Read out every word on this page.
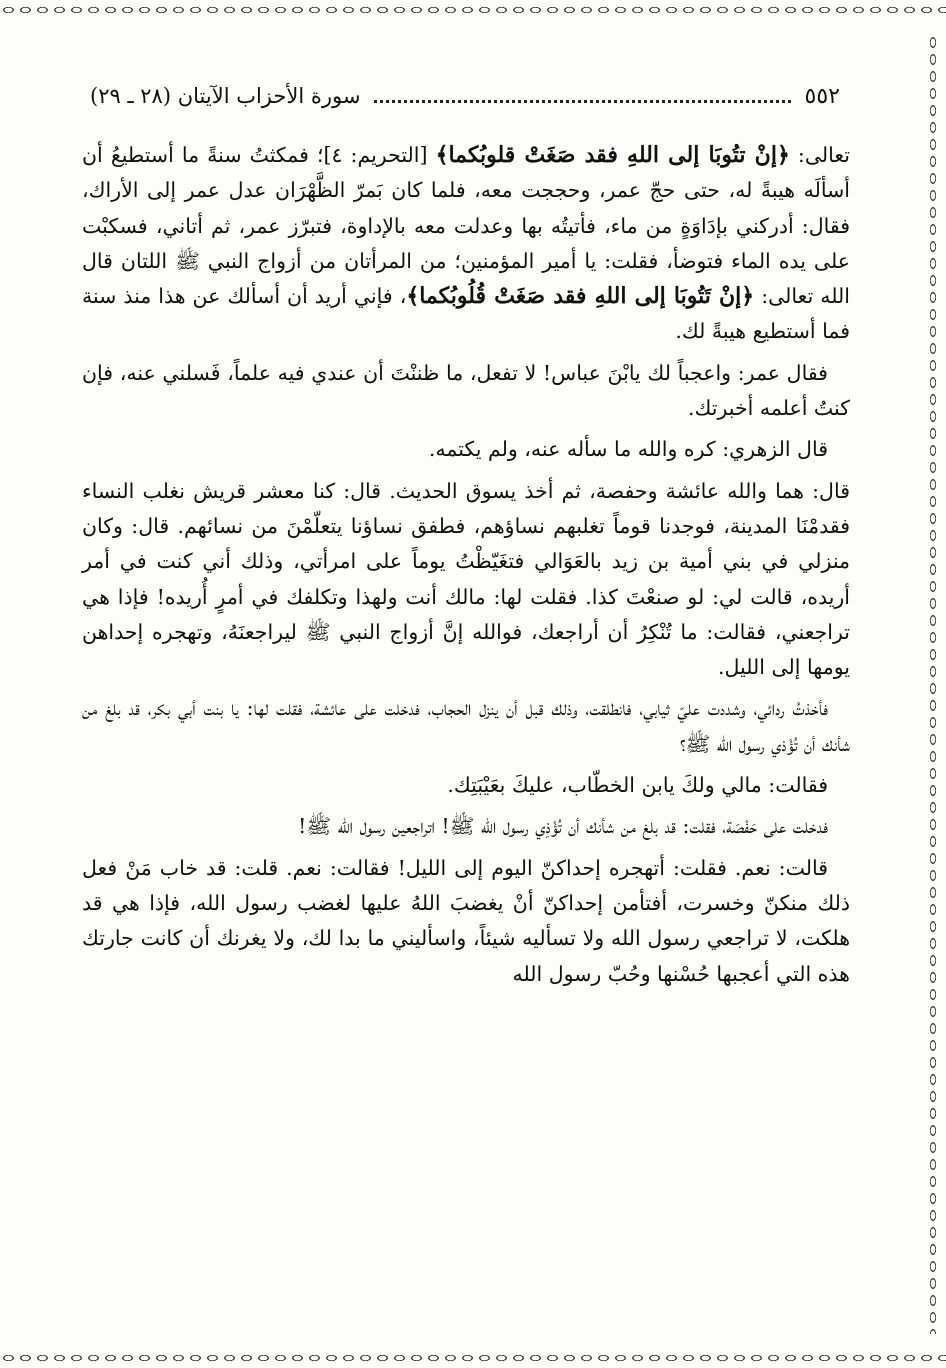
٥٥٢
سورة الأحزاب الآيتان (٢٨ ـ ٢٩)

تعالى: ﴿إنْ تتُوبَا إلى اللهِ فقد صَغَتْ قلوبُكما﴾ [التحريم: ٤]؛ فمكثتُ سنةً ما أستطيعُ أن أسألَه هيبةً له، حتى حجّ عمر، وحججت معه، فلما كان بَمرّ الظَّهْرَان عدل عمر إلى الأراك، فقال: أدركني بإدَاوَةٍ من ماء، فأتيتُه بها وعدلت معه بالإداوة، فتبرّز عمر، ثم أتاني، فسكبْت على يده الماء فتوضأ، فقلت: يا أمير المؤمنين؛ من المرأتان من أزواج النبي ﷺ اللتان قال الله تعالى: ﴿إنْ تَتُوبَا إلى اللهِ فقد صَغَتْ قُلُوبُكما﴾، فإني أريد أن أسألك عن هذا منذ سنة فما أستطيع هيبةً لك.

فقال عمر: واعجباً لك يابْنَ عباس! لا تفعل، ما ظننْتَ أن عندي فيه علماً، فَسلني عنه، فإن كنتُ أعلمه أخبرتك.

قال الزهري: كره والله ما سأله عنه، ولم يكتمه.

قال: هما والله عائشة وحفصة، ثم أخذ يسوق الحديث. قال: كنا معشر قريش نغلب النساء فقدمْنَا المدينة، فوجدنا قوماً تغلبهم نساؤهم، فطفق نساؤنا يتعلّمْنَ من نسائهم. قال: وكان منزلي في بني أمية بن زيد بالعَوَالي فتغَيّظْتُ يوماً على امرأتي، وذلك أني كنت في أمر أريده، قالت لي: لو صنعْتَ كذا. فقلت لها: مالك أنت ولهذا وتكلفك في أمرٍ أُريده! فإذا هي تراجعني، فقالت: ما تُنْكِرُ أن أراجعك، فوالله إنَّ أزواج النبي ﷺ ليراجعنَهُ، وتهجره إحداهن يومها إلى الليل.

فأخذتُ ردائي، وشددت عليّ ثيابي، فانطلقت، وذلك قبل أن ينزل الحجاب، فدخلت على عائشة، فقلت لها: يا بنت أبي بكر، قد بلغ من شأنك أن تُؤْذي رسول الله ﷺ؟

فقالت: مالي ولكَ يابن الخطّاب، عليكَ بعَيْبَتِك.

فدخلت على حَفْصَة، فقلت: قد بلغ من شأنك أن تُؤْذِي رسول الله ﷺ! اتراجعين رسول الله ﷺ!

قالت: نعم. فقلت: أتهجره إحداكنّ اليوم إلى الليل! فقالت: نعم. قلت: قد خاب مَنْ فعل ذلك منكنّ وخسرت، أفتأمن إحداكنّ أنْ يغضبَ اللهُ عليها لغضب رسول الله، فإذا هي قد هلكت، لا تراجعي رسول الله ولا تسأليه شيئاً، واسأليني ما بدا لك، ولا يغرنك أن كانت جارتك هذه التي أعجبها حُسْنها وحُبّ رسول الله
